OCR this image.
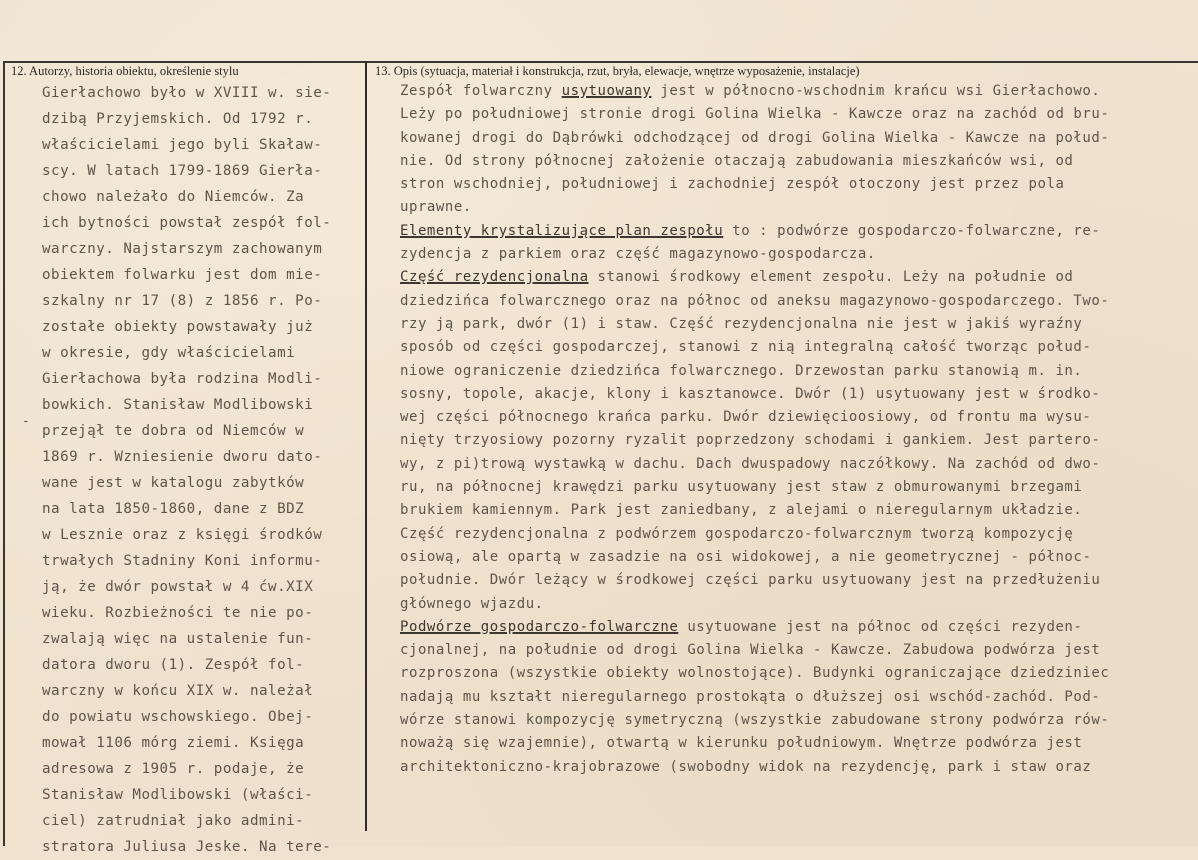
12. Autorzy, historia obiektu, określenie stylu	13. Opis (sytuacja, materiał i konstrukcja, rzut, bryła, elewacje, wnętrze wyposażenie, instalacje)
-
Gierłachowo było w XVIII w. sie-
dzibą Przyjemskich. Od 1792 r.
właścicielami jego byli Skaław-
scy. W latach 1799-1869 Gierła-
chowo należało do Niemców. Za
ich bytności powstał zespół fol-
warczny. Najstarszym zachowanym
obiektem folwarku jest dom mie-
szkalny nr 17 (8) z 1856 r. Po-
zostałe obiekty powstawały już
w okresie, gdy właścicielami
Gierłachowa była rodzina Modli-
bowkich. Stanisław Modlibowski
przejął te dobra od Niemców w
1869 r. Wzniesienie dworu dato-
wane jest w katalogu zabytków
na lata 1850-1860, dane z BDZ
w Lesznie oraz z księgi środków
trwałych Stadniny Koni informu-
ją, że dwór powstał w 4 ćw.XIX
wieku. Rozbieżności te nie po-
zwalają więc na ustalenie fun-
datora dworu (1). Zespół fol-
warczny w końcu XIX w. należał
do powiatu wschowskiego. Obej-
mował 1106 mórg ziemi. Księga
adresowa z 1905 r. podaje, że
Stanisław Modlibowski (właści-
ciel) zatrudniał jako admini-
stratora Juliusa Jeske. Na tere-
Zespół folwarczny usytuowany jest w północno-wschodnim krańcu wsi Gierłachowo.
Leży po południowej stronie drogi Golina Wielka - Kawcze oraz na zachód od bru-
kowanej drogi do Dąbrówki odchodzącej od drogi Golina Wielka - Kawcze na połud-
nie. Od strony północnej założenie otaczają zabudowania mieszkańców wsi, od
stron wschodniej, południowej i zachodniej zespół otoczony jest przez pola
uprawne.
Elementy krystalizujące plan zespołu to : podwórze gospodarczo-folwarczne, re-
zydencja z parkiem oraz część magazynowo-gospodarcza.
Część rezydencjonalna stanowi środkowy element zespołu. Leży na południe od
dziedzińca folwarcznego oraz na północ od aneksu magazynowo-gospodarczego. Two-
rzy ją park, dwór (1) i staw. Część rezydencjonalna nie jest w jakiś wyraźny
sposób od części gospodarczej, stanowi z nią integralną całość tworząc połud-
niowe ograniczenie dziedzińca folwarcznego. Drzewostan parku stanowią m. in.
sosny, topole, akacje, klony i kasztanowce. Dwór (1) usytuowany jest w środko-
wej części północnego krańca parku. Dwór dziewięcioosiowy, od frontu ma wysu-
nięty trzyosiowy pozorny ryzalit poprzedzony schodami i gankiem. Jest partero-
wy, z pi)trową wystawką w dachu. Dach dwuspadowy naczółkowy. Na zachód od dwo-
ru, na północnej krawędzi parku usytuowany jest staw z obmurowanymi brzegami
brukiem kamiennym. Park jest zaniedbany, z alejami o nieregularnym układzie.
Część rezydencjonalna z podwórzem gospodarczo-folwarcznym tworzą kompozycję
osiową, ale opartą w zasadzie na osi widokowej, a nie geometrycznej - północ-
południe. Dwór leżący w środkowej części parku usytuowany jest na przedłużeniu
głównego wjazdu.
Podwórze gospodarczo-folwarczne usytuowane jest na północ od części rezyden-
cjonalnej, na południe od drogi Golina Wielka - Kawcze. Zabudowa podwórza jest
rozproszona (wszystkie obiekty wolnostojące). Budynki ograniczające dziedziniec
nadają mu kształt nieregularnego prostokąta o dłuższej osi wschód-zachód. Pod-
wórze stanowi kompozycję symetryczną (wszystkie zabudowane strony podwórza rów-
noważą się wzajemnie), otwartą w kierunku południowym. Wnętrze podwórza jest
architektoniczno-krajobrazowe (swobodny widok na rezydencję, park i staw oraz
